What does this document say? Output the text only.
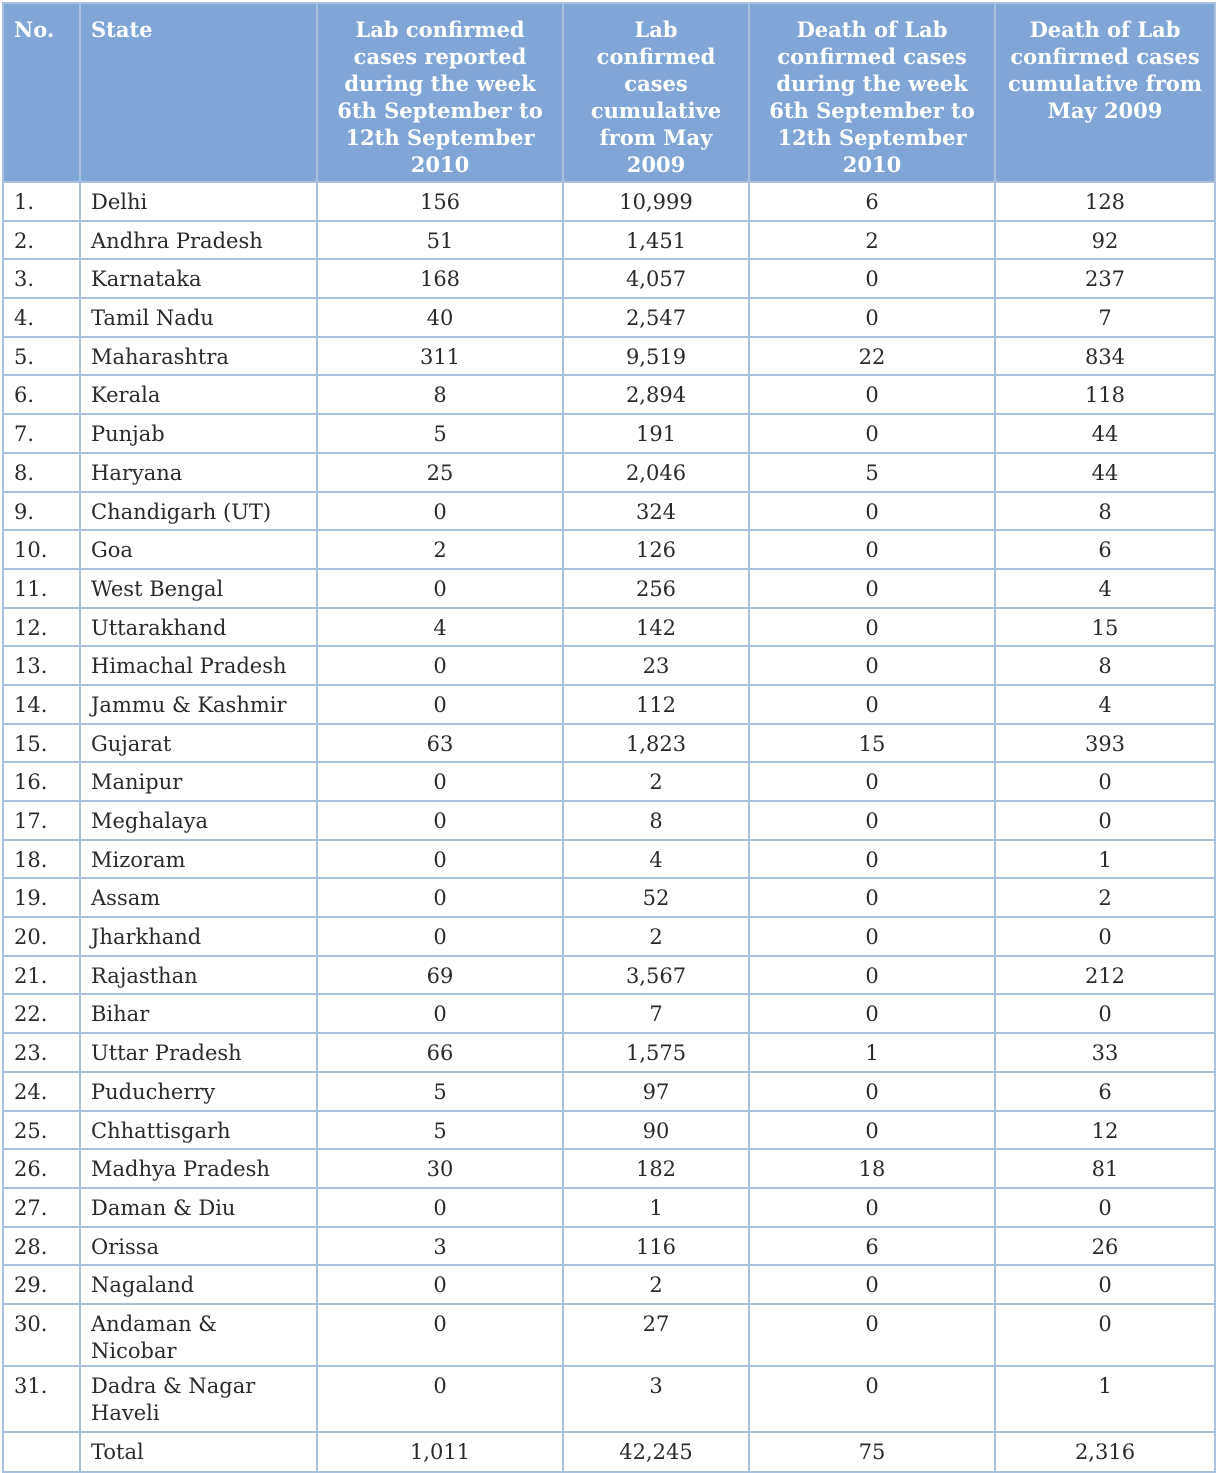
No.	State	Lab confirmed cases reported during the week 6th September to 12th September 2010	Lab confirmed cases cumulative from May 2009	Death of Lab confirmed cases during the week 6th September to 12th September 2010	Death of Lab confirmed cases cumulative from May 2009
1.	Delhi	156	10,999	6	128
2.	Andhra Pradesh	51	1,451	2	92
3.	Karnataka	168	4,057	0	237
4.	Tamil Nadu	40	2,547	0	7
5.	Maharashtra	311	9,519	22	834
6.	Kerala	8	2,894	0	118
7.	Punjab	5	191	0	44
8.	Haryana	25	2,046	5	44
9.	Chandigarh (UT)	0	324	0	8
10.	Goa	2	126	0	6
11.	West Bengal	0	256	0	4
12.	Uttarakhand	4	142	0	15
13.	Himachal Pradesh	0	23	0	8
14.	Jammu & Kashmir	0	112	0	4
15.	Gujarat	63	1,823	15	393
16.	Manipur	0	2	0	0
17.	Meghalaya	0	8	0	0
18.	Mizoram	0	4	0	1
19.	Assam	0	52	0	2
20.	Jharkhand	0	2	0	0
21.	Rajasthan	69	3,567	0	212
22.	Bihar	0	7	0	0
23.	Uttar Pradesh	66	1,575	1	33
24.	Puducherry	5	97	0	6
25.	Chhattisgarh	5	90	0	12
26.	Madhya Pradesh	30	182	18	81
27.	Daman & Diu	0	1	0	0
28.	Orissa	3	116	6	26
29.	Nagaland	0	2	0	0
30.	Andaman & Nicobar	0	27	0	0
31.	Dadra & Nagar Haveli	0	3	0	1
	Total	1,011	42,245	75	2,316
